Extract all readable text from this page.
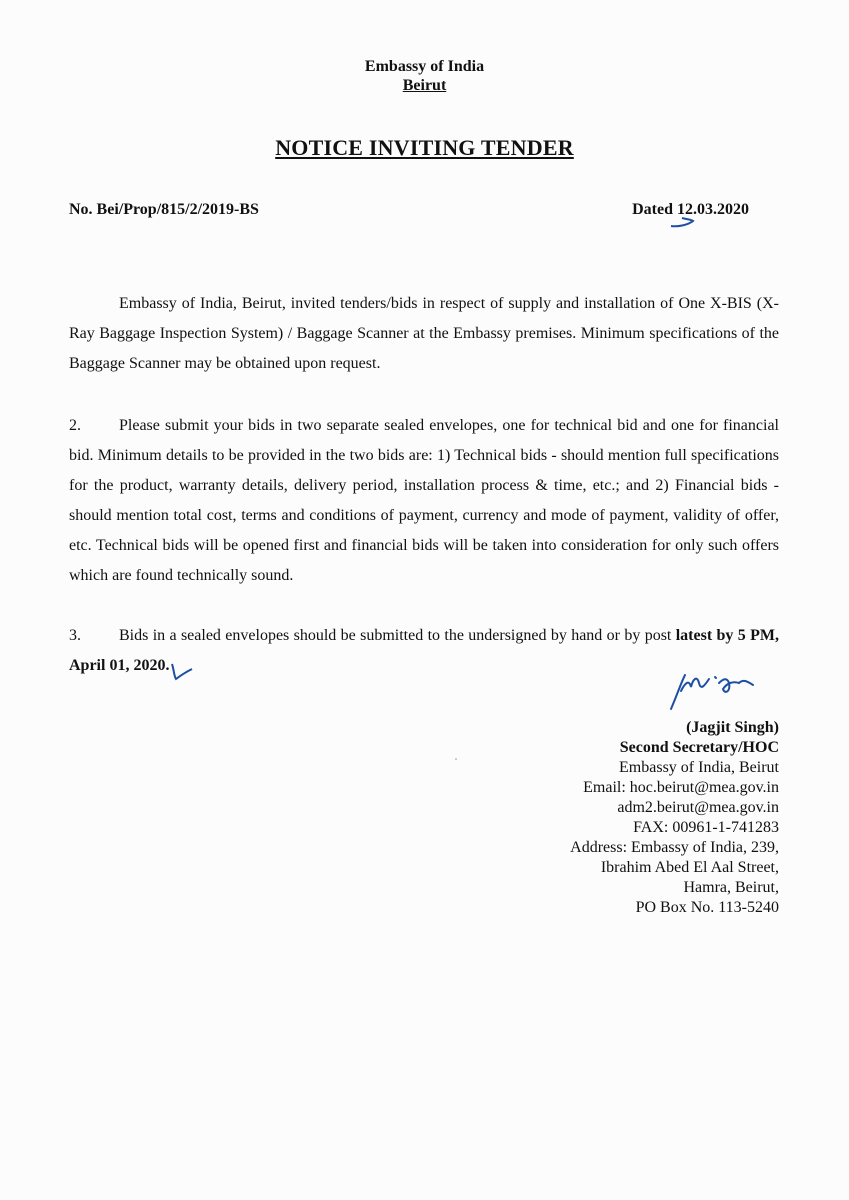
Embassy of India
Beirut
NOTICE INVITING TENDER
No. Bei/Prop/815/2/2019-BS	Dated 12.03.2020
Embassy of India, Beirut, invited tenders/bids in respect of supply and installation of One X-BIS (X-Ray Baggage Inspection System) / Baggage Scanner at the Embassy premises. Minimum specifications of the Baggage Scanner may be obtained upon request.
2. Please submit your bids in two separate sealed envelopes, one for technical bid and one for financial bid. Minimum details to be provided in the two bids are: 1) Technical bids - should mention full specifications for the product, warranty details, delivery period, installation process & time, etc.; and 2) Financial bids - should mention total cost, terms and conditions of payment, currency and mode of payment, validity of offer, etc. Technical bids will be opened first and financial bids will be taken into consideration for only such offers which are found technically sound.
3. Bids in a sealed envelopes should be submitted to the undersigned by hand or by post latest by 5 PM, April 01, 2020.
(Jagjit Singh)
Second Secretary/HOC
Embassy of India, Beirut
Email: hoc.beirut@mea.gov.in
adm2.beirut@mea.gov.in
FAX: 00961-1-741283
Address: Embassy of India, 239,
Ibrahim Abed El Aal Street,
Hamra, Beirut,
PO Box No. 113-5240
